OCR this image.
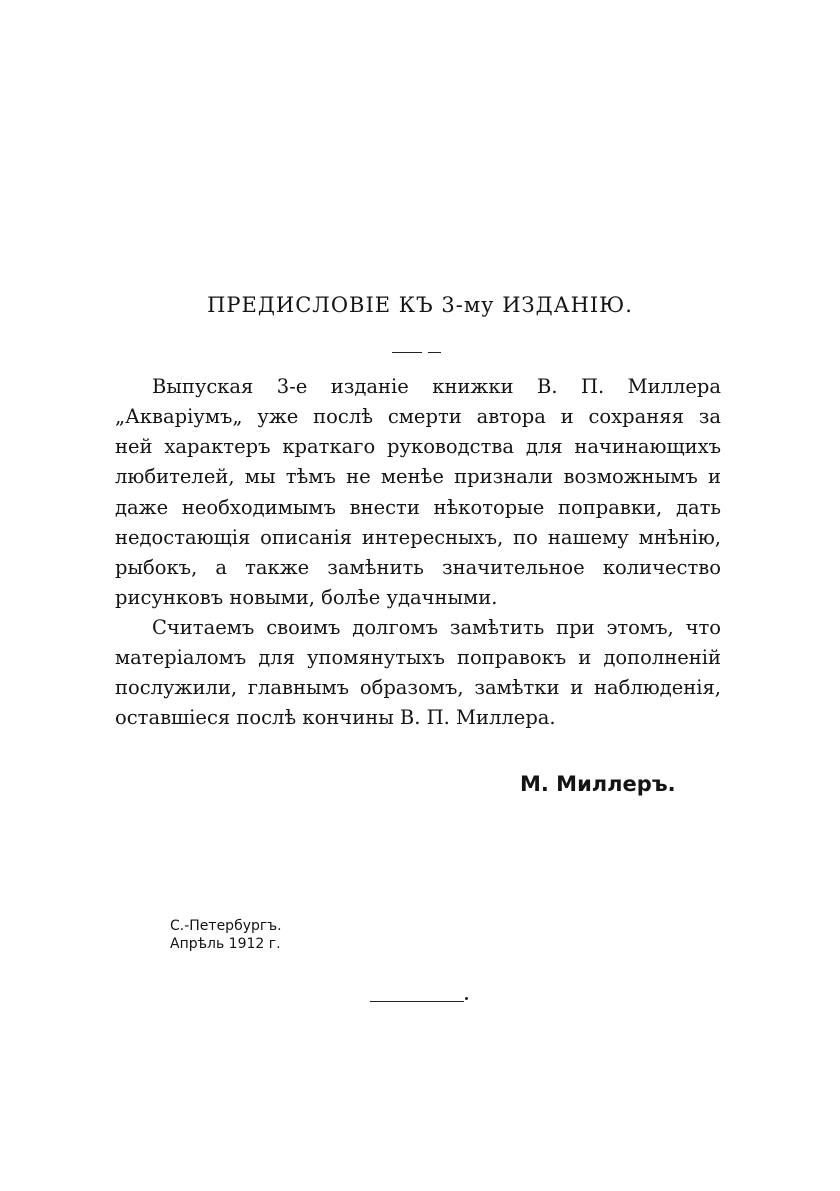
ПРЕДИСЛОВIЕ КЪ 3-му ИЗДАНIЮ.
Выпуская 3-е изданiе книжки В. П. Миллера
„Аквaрiумъ„ уже послѣ смерти автора и сохраняя за
ней характеръ краткаго руководства для начинающихъ
любителей, мы тѣмъ не менѣе признали возможнымъ и
даже необходимымъ внести нѣкоторые поправки, дать
недостающiя описанiя интересныхъ, по нашему мнѣнiю,
рыбокъ, а также замѣнить значительное количество
рисунковъ новыми, болѣе удачными.
Считаемъ своимъ долгомъ замѣтить при этомъ, что
матерiаломъ для упомянутыхъ поправокъ и дополненiй
послужили, главнымъ образомъ, замѣтки и наблюденiя,
оставшiеся послѣ кончины В. П. Миллера.
М. Миллеръ.
С.-Петербургъ.
Апрѣль 1912 г.
